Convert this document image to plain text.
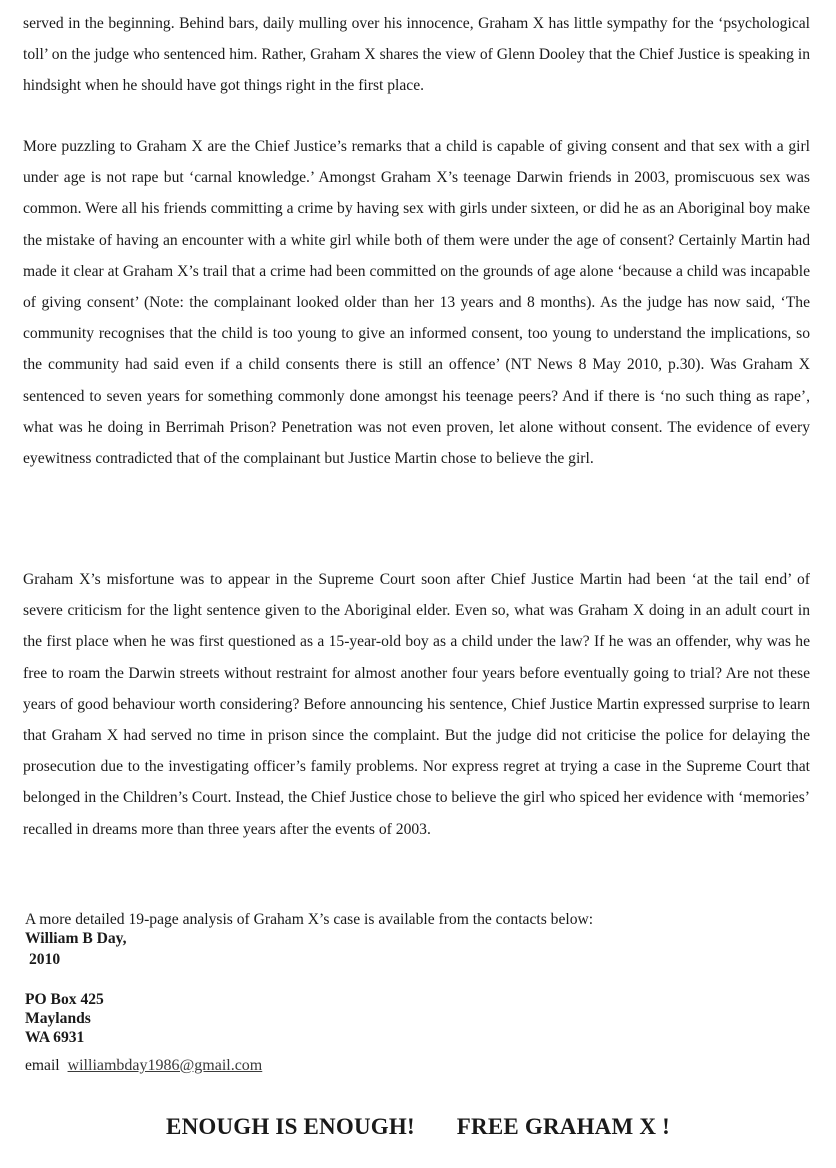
served in the beginning. Behind bars, daily mulling over his innocence, Graham X has little sympathy for the ‘psychological toll’ on the judge who sentenced him. Rather, Graham X shares the view of Glenn Dooley that the Chief Justice is speaking in hindsight when he should have got things right in the first place.

More puzzling to Graham X are the Chief Justice’s remarks that a child is capable of giving consent and that sex with a girl under age is not rape but ‘carnal knowledge.’ Amongst Graham X’s teenage Darwin friends in 2003, promiscuous sex was common. Were all his friends committing a crime by having sex with girls under sixteen, or did he as an Aboriginal boy make the mistake of having an encounter with a white girl while both of them were under the age of consent? Certainly Martin had made it clear at Graham X’s trail that a crime had been committed on the grounds of age alone ‘because a child was incapable of giving consent’ (Note: the complainant looked older than her 13 years and 8 months). As the judge has now said, ‘The community recognises that the child is too young to give an informed consent, too young to understand the implications, so the community had said even if a child consents there is still an offence’ (NT News 8 May 2010, p.30). Was Graham X sentenced to seven years for something commonly done amongst his teenage peers? And if there is ‘no such thing as rape’, what was he doing in Berrimah Prison? Penetration was not even proven, let alone without consent. The evidence of every eyewitness contradicted that of the complainant but Justice Martin chose to believe the girl.

Graham X’s misfortune was to appear in the Supreme Court soon after Chief Justice Martin had been ‘at the tail end’ of severe criticism for the light sentence given to the Aboriginal elder. Even so, what was Graham X doing in an adult court in the first place when he was first questioned as a 15-year-old boy as a child under the law? If he was an offender, why was he free to roam the Darwin streets without restraint for almost another four years before eventually going to trial? Are not these years of good behaviour worth considering? Before announcing his sentence, Chief Justice Martin expressed surprise to learn that Graham X had served no time in prison since the complaint. But the judge did not criticise the police for delaying the prosecution due to the investigating officer’s family problems. Nor express regret at trying a case in the Supreme Court that belonged in the Children’s Court. Instead, the Chief Justice chose to believe the girl who spiced her evidence with ‘memories’ recalled in dreams more than three years after the events of 2003.

A more detailed 19-page analysis of Graham X’s case is available from the contacts below:
William B Day,
2010
PO Box 425
Maylands
WA 6931
email williambday1986@gmail.com
ENOUGH IS ENOUGH! FREE GRAHAM X !
